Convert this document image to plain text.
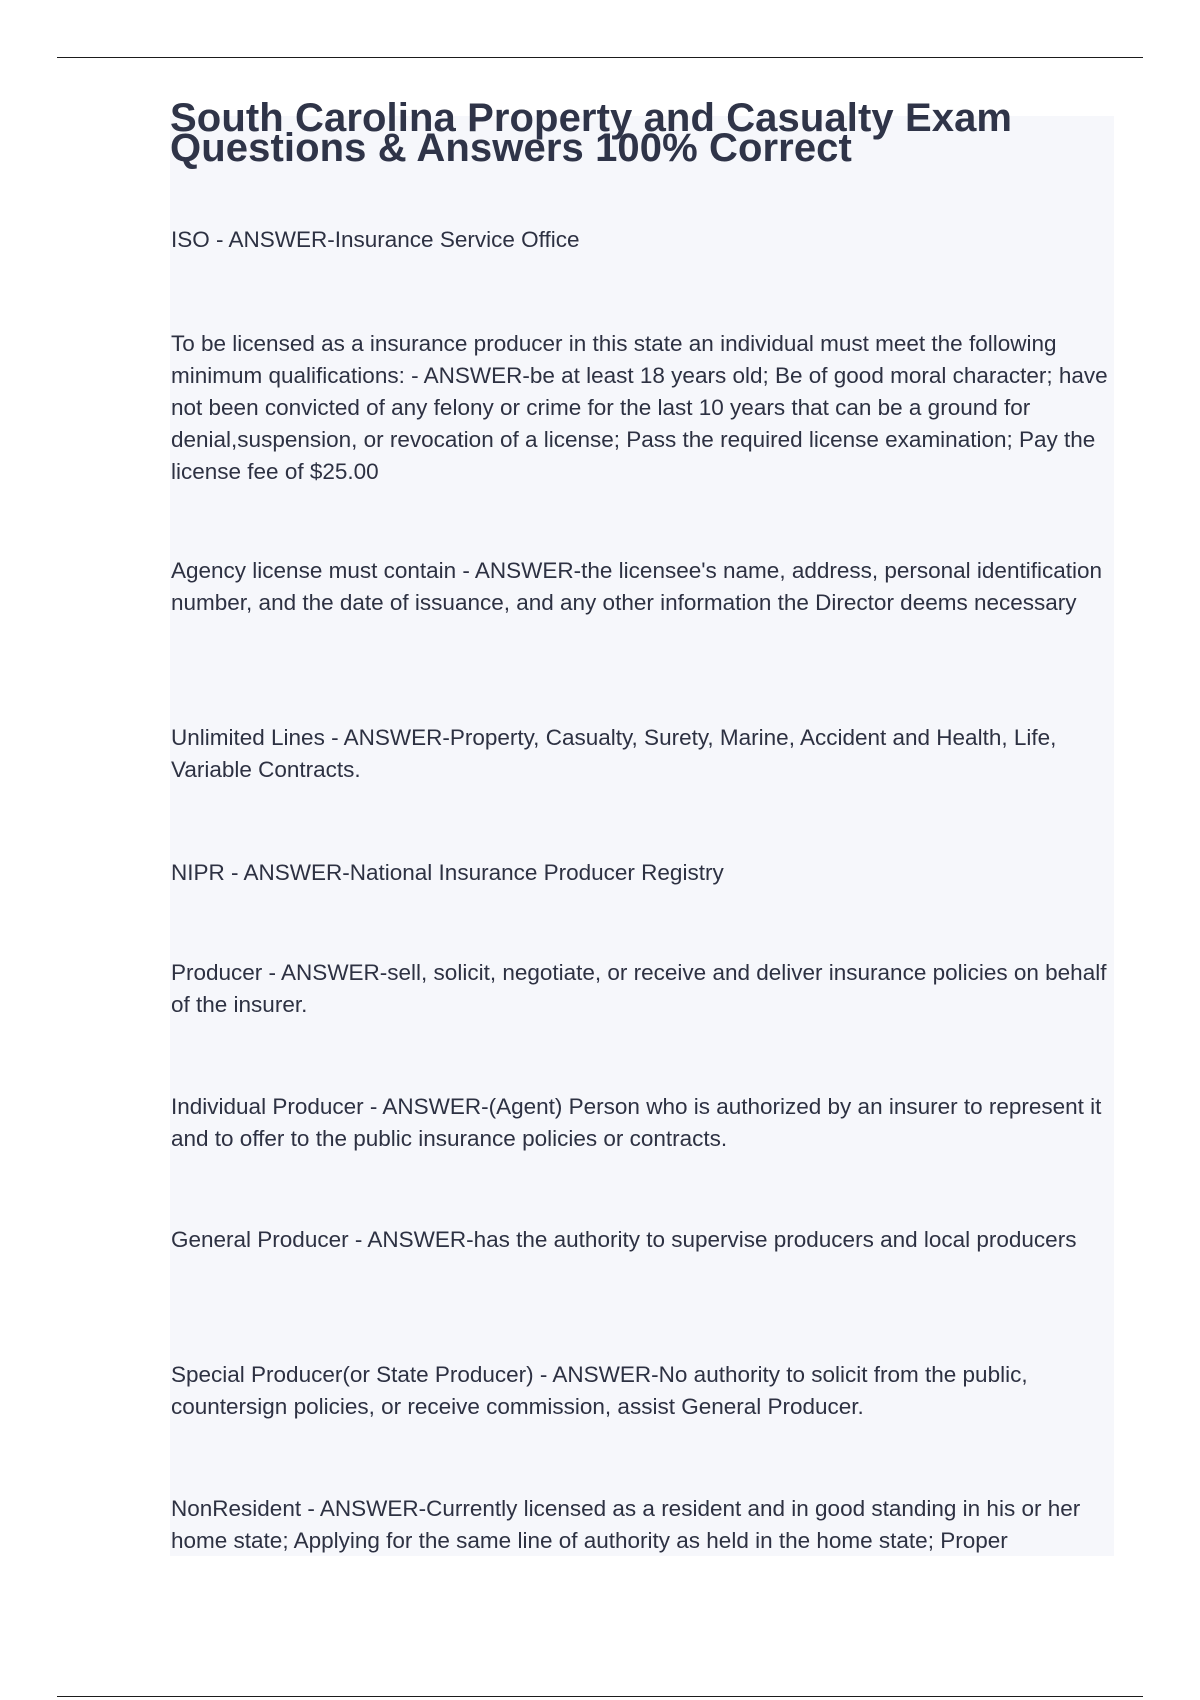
South Carolina Property and Casualty Exam Questions & Answers 100% Correct

ISO - ANSWER-Insurance Service Office

To be licensed as a insurance producer in this state an individual must meet the following minimum qualifications: - ANSWER-be at least 18 years old; Be of good moral character; have not been convicted of any felony or crime for the last 10 years that can be a ground for denial,suspension, or revocation of a license; Pass the required license examination; Pay the license fee of $25.00

Agency license must contain - ANSWER-the licensee's name, address, personal identification number, and the date of issuance, and any other information the Director deems necessary

Unlimited Lines - ANSWER-Property, Casualty, Surety, Marine, Accident and Health, Life, Variable Contracts.

NIPR - ANSWER-National Insurance Producer Registry

Producer - ANSWER-sell, solicit, negotiate, or receive and deliver insurance policies on behalf of the insurer.

Individual Producer - ANSWER-(Agent) Person who is authorized by an insurer to represent it and to offer to the public insurance policies or contracts.

General Producer - ANSWER-has the authority to supervise producers and local producers

Special Producer(or State Producer) - ANSWER-No authority to solicit from the public, countersign policies, or receive commission, assist General Producer.

NonResident - ANSWER-Currently licensed as a resident and in good standing in his or her home state; Applying for the same line of authority as held in the home state; Proper
